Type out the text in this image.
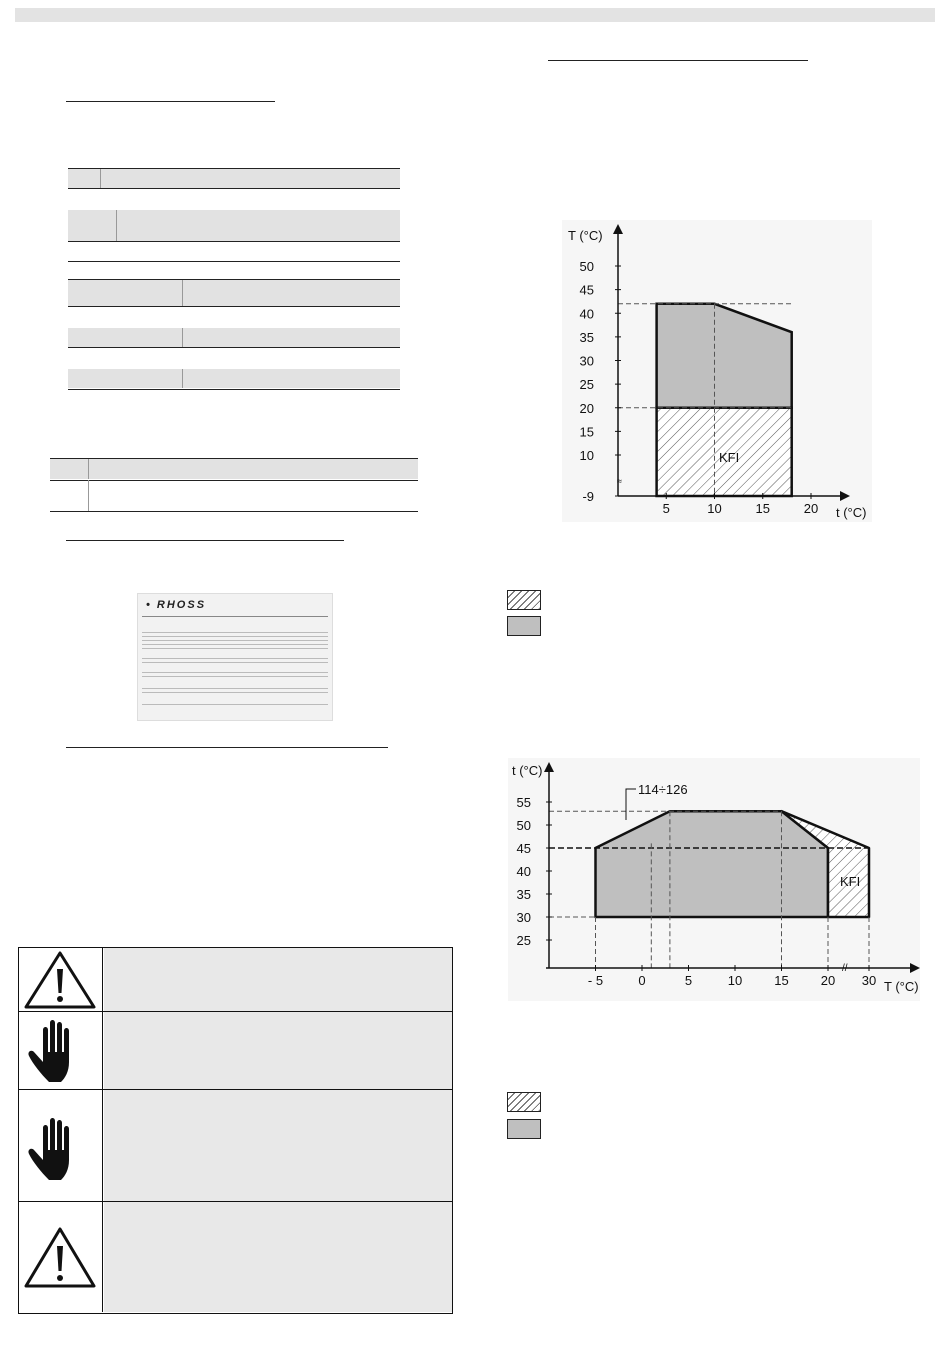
• RHOSS
≈
50
45
40
35
30
25
20
15
10
-9
5	10	15	20
T (°C)
t (°C)
KFI
//
55
50
45
40
35
30
25
- 5	0	5	10 15 20 30
t (°C)
T (°C)
114÷126
KFI
